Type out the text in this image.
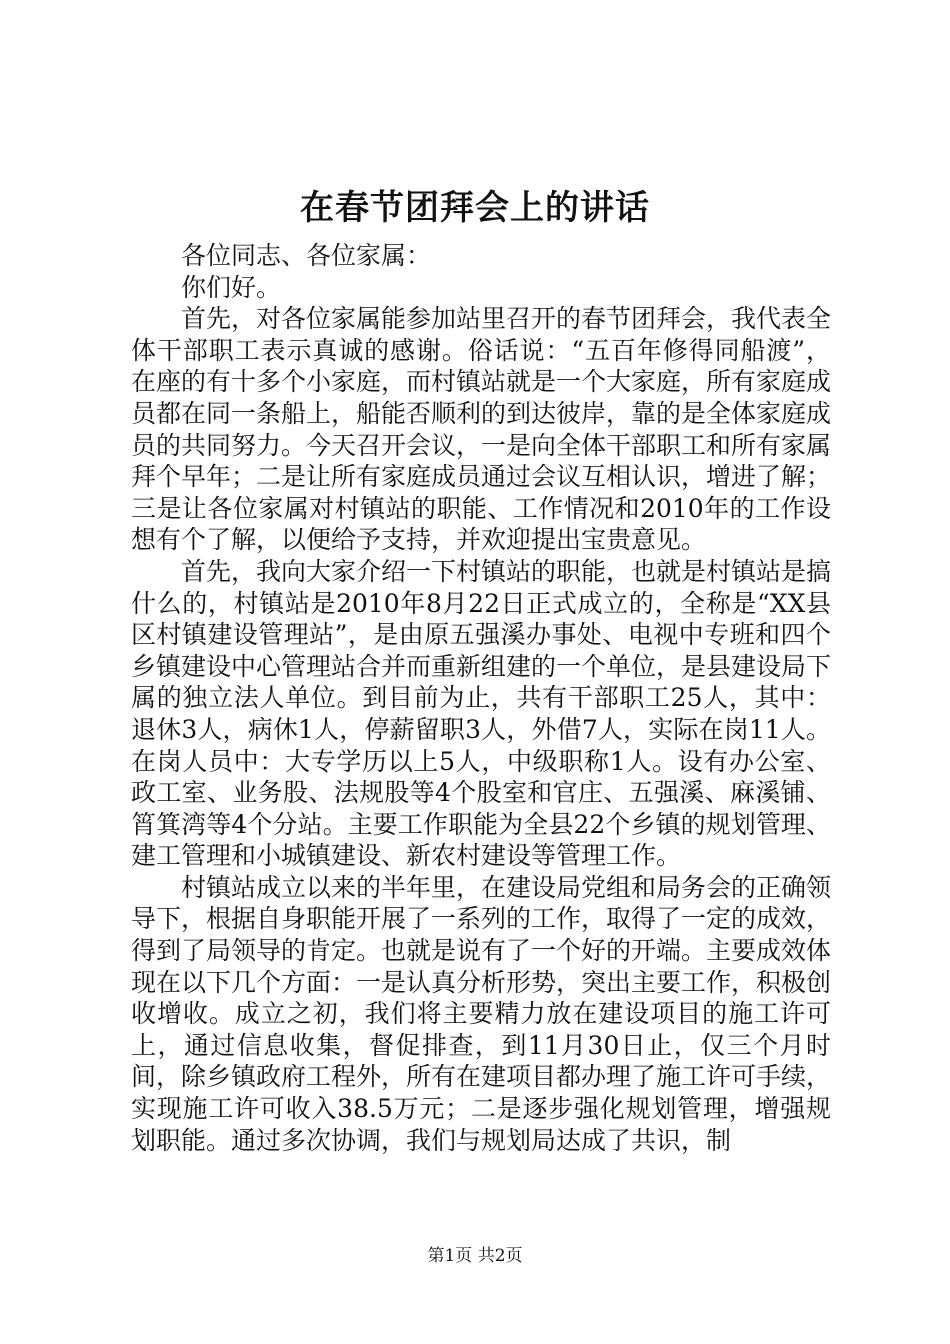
在春节团拜会上的讲话

各位同志、各位家属：

你们好。

首先，对各位家属能参加站里召开的春节团拜会，我代表全体干部职工表示真诚的感谢。俗话说：“五百年修得同船渡”，在座的有十多个小家庭，而村镇站就是一个大家庭，所有家庭成员都在同一条船上，船能否顺利的到达彼岸，靠的是全体家庭成员的共同努力。今天召开会议，一是向全体干部职工和所有家属拜个早年；二是让所有家庭成员通过会议互相认识，增进了解；三是让各位家属对村镇站的职能、工作情况和2010年的工作设想有个了解，以便给予支持，并欢迎提出宝贵意见。

首先，我向大家介绍一下村镇站的职能，也就是村镇站是搞什么的，村镇站是2010年8月22日正式成立的，全称是“XX县区村镇建设管理站”，是由原五强溪办事处、电视中专班和四个乡镇建设中心管理站合并而重新组建的一个单位，是县建设局下属的独立法人单位。到目前为止，共有干部职工25人，其中：退休3人，病休1人，停薪留职3人，外借7人，实际在岗11人。在岗人员中：大专学历以上5人，中级职称1人。设有办公室、政工室、业务股、法规股等4个股室和官庄、五强溪、麻溪铺、筲箕湾等4个分站。主要工作职能为全县22个乡镇的规划管理、建工管理和小城镇建设、新农村建设等管理工作。

村镇站成立以来的半年里，在建设局党组和局务会的正确领导下，根据自身职能开展了一系列的工作，取得了一定的成效，得到了局领导的肯定。也就是说有了一个好的开端。主要成效体现在以下几个方面：一是认真分析形势，突出主要工作，积极创收增收。成立之初，我们将主要精力放在建设项目的施工许可上，通过信息收集，督促排查，到11月30日止，仅三个月时间，除乡镇政府工程外，所有在建项目都办理了施工许可手续，实现施工许可收入38.5万元；二是逐步强化规划管理，增强规划职能。通过多次协调，我们与规划局达成了共识，制

第1页 共2页
